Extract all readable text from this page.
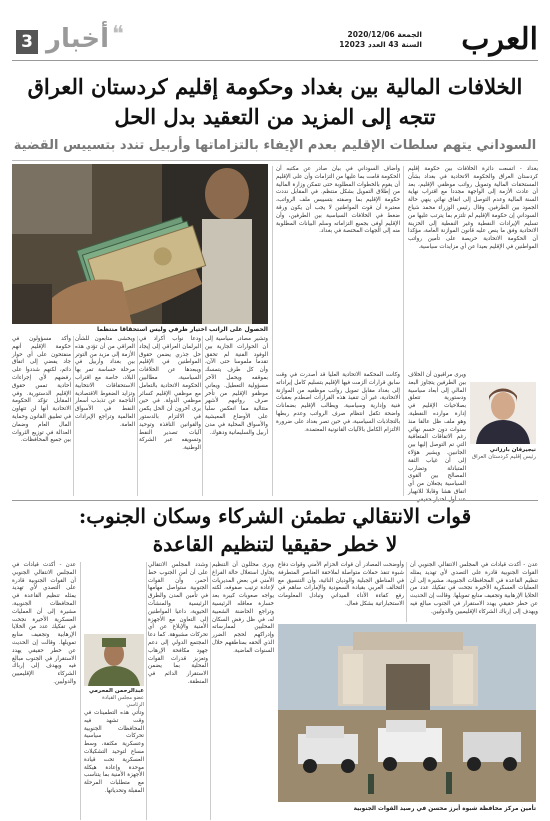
العرب
الجمعة 2020/12/06
السنة 43 العدد 12023
❝
أخبار
3
الخلافات المالية بين بغداد وحكومة إقليم كردستان العراق
تتجه إلى المزيد من التعقيد بدل الحل
السوداني يتهم سلطات الإقليم بعدم الإيفاء بالتزاماتها وأربيل تندد بتسييس القضية
الحصول على الراتب اختيار ظرفي وليس استحقاقا منتظما
بغداد - اتسعت دائرة الخلافات بين حكومة إقليم كردستان العراق والحكومة الاتحادية في بغداد بشأن المستحقات المالية وتمويل رواتب موظفي الإقليم، بعد أن عادت الأزمة إلى الواجهة مجددا مع اقتراب نهاية السنة المالية وعدم التوصل إلى اتفاق نهائي ينهي حالة الجمود بين الطرفين. وقال رئيس الوزراء محمد شياع السوداني إن حكومة الإقليم لم تلتزم بما يترتب عليها من تسليم الإيرادات النفطية وغير النفطية إلى الخزينة الاتحادية وفق ما ينص عليه قانون الموازنة العامة، مؤكدا أن الحكومة الاتحادية حريصة على تأمين رواتب المواطنين في الإقليم بعيدا عن أي مزايدات سياسية.
وأضاف السوداني في بيان صادر عن مكتبه أن الحكومة قامت بما عليها من التزامات وأن على الإقليم أن يقوم بالخطوات المطلوبة حتى تتمكن وزارة المالية من إطلاق التمويل بشكل منتظم. في المقابل نددت حكومة الإقليم بما وصفته بتسييس ملف الرواتب، معتبرة أن قوت المواطنين لا يجب أن يكون ورقة ضغط في الخلافات السياسية بين الطرفين، وأن الإقليم أوفى بجميع التزاماته وسلم البيانات المطلوبة منه إلى الجهات المختصة في بغداد.
نيجيرفان بارزاني
رئيس إقليم كردستان العراق
ويرى مراقبون أن الخلاف بين الطرفين يتجاوز البعد المالي إلى أبعاد سياسية ودستورية تتعلق بصلاحيات الإقليم في إدارة موارده النفطية، وهو ملف ظل عالقا منذ سنوات دون حسم نهائي رغم الاتفاقات المتعاقبة التي تم التوصل إليها بين الجانبين. ويشير هؤلاء إلى أن غياب الثقة المتبادلة وتضارب المصالح بين القوى السياسية يجعلان من أي اتفاق هشا وقابلا للانهيار
وكانت المحكمة الاتحادية العليا قد أصدرت في وقت سابق قرارات ألزمت فيها الإقليم بتسليم كامل إيراداته إلى بغداد مقابل تمويل رواتب موظفيه من الموازنة الاتحادية، غير أن تنفيذ هذه القرارات اصطدم بعقبات فنية وإدارية وسياسية. ويطالب الإقليم بضمانات واضحة تكفل انتظام صرف الرواتب وعدم ربطها بالتجاذبات السياسية، في حين تصر بغداد على ضرورة الالتزام الكامل بالآليات القانونية المعتمدة.
وتشير مصادر سياسية إلى أن الحوارات الجارية بين الوفود الفنية لم تحقق تقدما ملموسا حتى الآن، وأن كل طرف يتمسك بموقفه ويحمل الآخر مسؤولية التعطيل. ويعاني موظفو الإقليم من تأخر صرف رواتبهم لأشهر متتالية مما انعكس سلبا على الأوضاع المعيشية والأسواق المحلية في مدن أربيل والسليمانية ودهوك.
ودعا نواب أكراد في البرلمان العراقي إلى إيجاد حل جذري يضمن حقوق المواطنين في الإقليم ويبعدها عن الخلافات السياسية، مطالبين الحكومة الاتحادية بالتعامل مع موظفي الإقليم كسائر موظفي الدولة. في حين يرى آخرون أن الحل يكمن في الالتزام بالدستور والقوانين النافذة وتوحيد آليات تصدير النفط وتسويقه عبر الشركة الوطنية.
ويخشى متابعون للشأن العراقي من أن تؤدي هذه الأزمة إلى مزيد من التوتر بين بغداد وأربيل في مرحلة حساسة تمر بها البلاد، خاصة مع اقتراب الاستحقاقات الانتخابية وتزايد الضغوط الاقتصادية الناجمة عن تذبذب أسعار النفط في الأسواق العالمية وتراجع الإيرادات العامة.
وأكد مسؤولون في حكومة الإقليم أنهم منفتحون على أي حوار جاد يفضي إلى اتفاق دائم، لكنهم شددوا على رفضهم لأي إجراءات أحادية تمس حقوق الإقليم الدستورية. وفي المقابل تؤكد الحكومة الاتحادية أنها لن تتهاون في تطبيق القانون وحماية المال العام وضمان العدالة في توزيع الثروات بين جميع المحافظات.
قوات الانتقالي تطمئن الشركاء وسكان الجنوب:
لا خطر حقيقيا لتنظيم القاعدة
عدن - أكدت قيادات في المجلس الانتقالي الجنوبي أن القوات الجنوبية قادرة على التصدي لأي تهديد يمثله تنظيم القاعدة في المحافظات الجنوبية، مشيرة إلى أن العمليات العسكرية الأخيرة نجحت في تفكيك عدد من الخلايا الإرهابية وتجفيف منابع تمويلها. وقالت إن الحديث عن خطر حقيقي يهدد الاستقرار في الجنوب مبالغ فيه ويهدف إلى إرباك الشركاء الإقليميين والدوليين.
وأوضحت المصادر أن قوات الحزام الأمني وقوات دفاع شبوة تنفذ حملات متواصلة لملاحقة العناصر المتطرفة في المناطق الجبلية والوديان النائية، وأن التنسيق مع التحالف العربي بقيادة السعودية والإمارات ساهم في رفع كفاءة الأداء الميداني وتبادل المعلومات الاستخباراتية بشكل فعال.
تأمين مركز محافظة شبوة أبرز محسن في رصيد القوات الجنوبية
ويرى محللون أن التنظيم يحاول استغلال حالة الفراغ الأمني في بعض المديريات لإعادة ترتيب صفوفه، لكنه يواجه صعوبات كبيرة بعد خسارة معاقله الرئيسية وتراجع الحاضنة الشعبية له، في ظل رفض السكان المحليين لممارساته وإدراكهم لحجم الضرر الذي ألحقه بمناطقهم خلال السنوات الماضية.
وشدد المجلس الانتقالي على أن أمن الجنوب خط أحمر، وأن القوات الجنوبية ستواصل مهامها في تأمين المدن والطرق الرئيسية والمنشآت الحيوية، داعيا المواطنين إلى التعاون مع الأجهزة الأمنية والإبلاغ عن أي تحركات مشبوهة. كما دعا المجتمع الدولي إلى دعم جهود مكافحة الإرهاب وتعزيز قدرات القوات المحلية بما يضمن الاستقرار الدائم في المنطقة.
عبدالرحمن المحرمي
عضو مجلس القيادة الرئاسي
وتأتي هذه التطمينات في وقت تشهد فيه المحافظات الجنوبية تحركات سياسية وعسكرية مكثفة، وسط مساع لتوحيد التشكيلات العسكرية تحت قيادة موحدة وإعادة هيكلة الأجهزة الأمنية بما يتناسب مع متطلبات المرحلة المقبلة وتحدياتها.
عدن - أكدت قيادات في المجلس الانتقالي الجنوبي أن القوات الجنوبية قادرة على التصدي لأي تهديد يمثله تنظيم القاعدة في المحافظات الجنوبية، مشيرة إلى أن العمليات العسكرية الأخيرة نجحت في تفكيك عدد من الخلايا الإرهابية وتجفيف منابع تمويلها. وقالت إن الحديث عن خطر حقيقي يهدد الاستقرار في الجنوب مبالغ فيه ويهدف إلى إرباك الشركاء الإقليميين والدوليين.
